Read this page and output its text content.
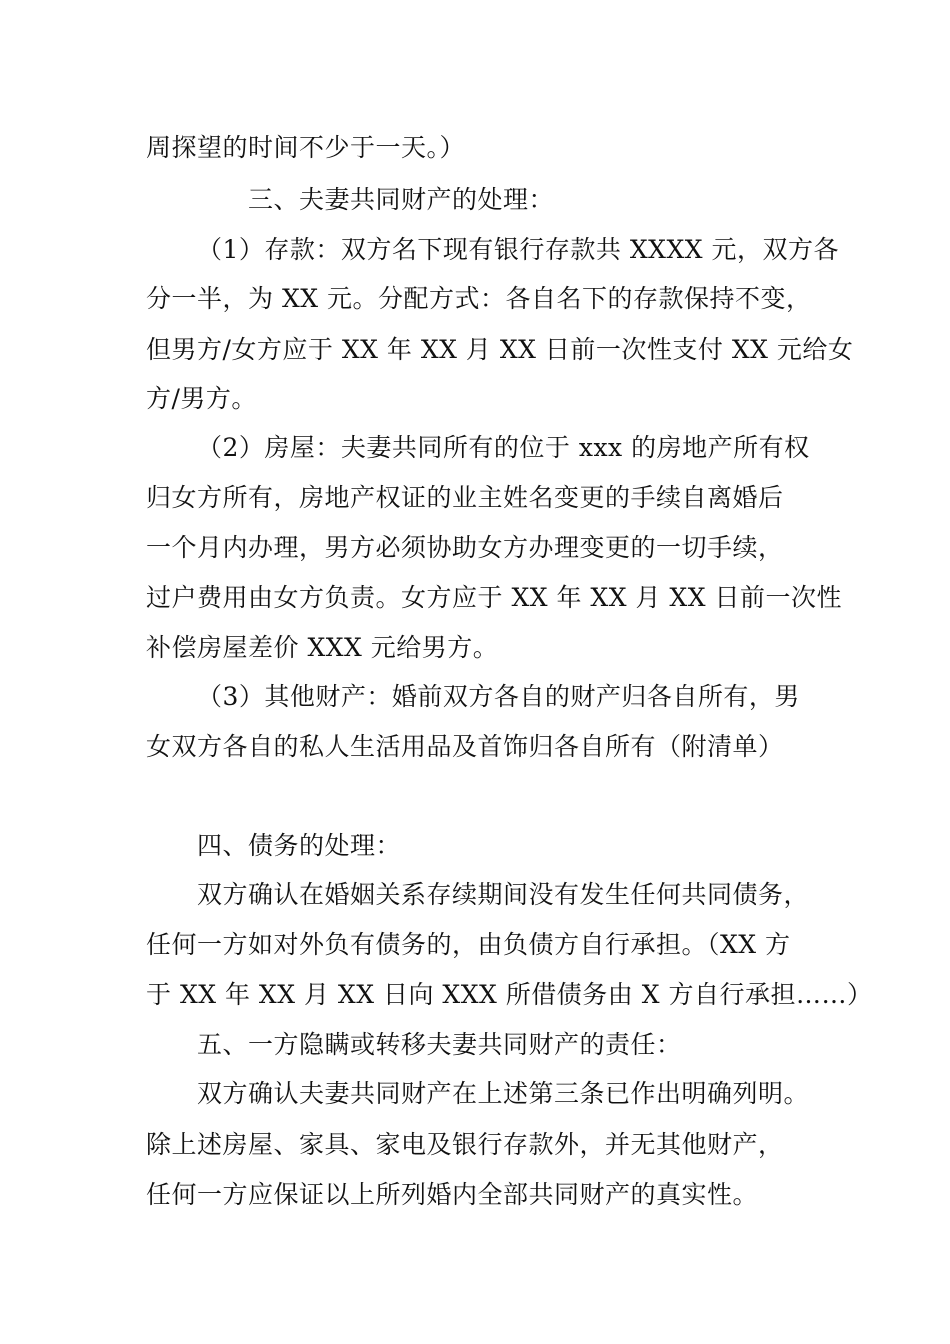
周探望的时间不少于一天。）
三、夫妻共同财产的处理：
（1）存款：双方名下现有银行存款共 XXXX 元，双方各
分一半，为 XX 元。分配方式：各自名下的存款保持不变，
但男方/女方应于 XX 年 XX 月 XX 日前一次性支付 XX 元给女
方/男方。
（2）房屋：夫妻共同所有的位于 xxx 的房地产所有权
归女方所有，房地产权证的业主姓名变更的手续自离婚后
一个月内办理，男方必须协助女方办理变更的一切手续，
过户费用由女方负责。女方应于 XX 年 XX 月 XX 日前一次性
补偿房屋差价 XXX 元给男方。
（3）其他财产：婚前双方各自的财产归各自所有，男
女双方各自的私人生活用品及首饰归各自所有（附清单）
四、债务的处理：
双方确认在婚姻关系存续期间没有发生任何共同债务，
任何一方如对外负有债务的，由负债方自行承担。（XX 方
于 XX 年 XX 月 XX 日向 XXX 所借债务由 X 方自行承担……）
五、一方隐瞒或转移夫妻共同财产的责任：
双方确认夫妻共同财产在上述第三条已作出明确列明。
除上述房屋、家具、家电及银行存款外，并无其他财产，
任何一方应保证以上所列婚内全部共同财产的真实性。
